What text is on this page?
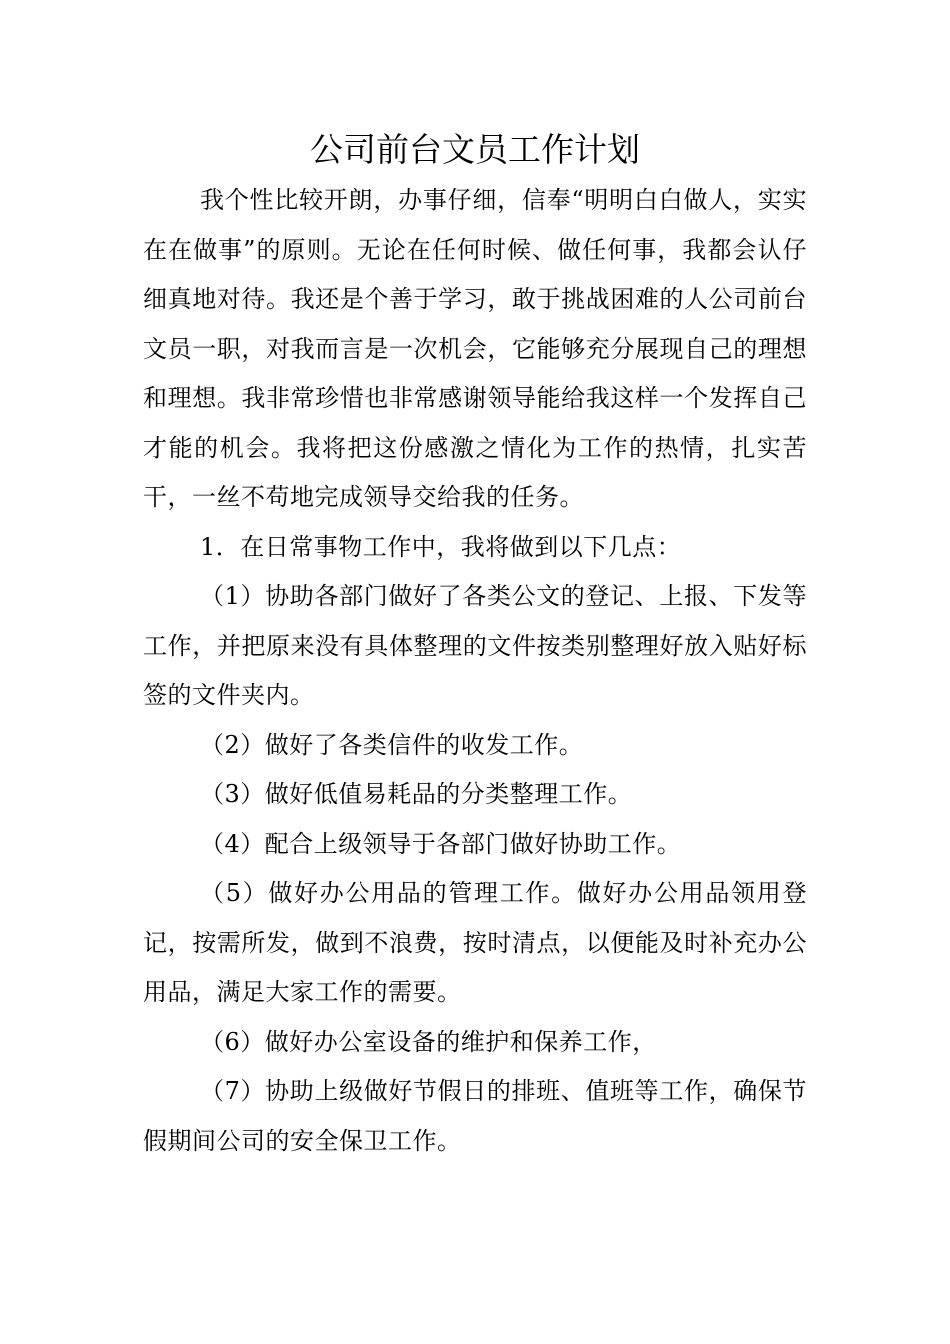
公司前台文员工作计划

我个性比较开朗，办事仔细，信奉“明明白白做人，实实在在做事”的原则。无论在任何时候、做任何事，我都会认仔细真地对待。我还是个善于学习，敢于挑战困难的人公司前台文员一职，对我而言是一次机会，它能够充分展现自己的理想和理想。我非常珍惜也非常感谢领导能给我这样一个发挥自己才能的机会。我将把这份感激之情化为工作的热情，扎实苦干，一丝不苟地完成领导交给我的任务。

1．在日常事物工作中，我将做到以下几点：

（1）协助各部门做好了各类公文的登记、上报、下发等工作，并把原来没有具体整理的文件按类别整理好放入贴好标签的文件夹内。

（2）做好了各类信件的收发工作。

（3）做好低值易耗品的分类整理工作。

（4）配合上级领导于各部门做好协助工作。

（5）做好办公用品的管理工作。做好办公用品领用登记，按需所发，做到不浪费，按时清点，以便能及时补充办公用品，满足大家工作的需要。

（6）做好办公室设备的维护和保养工作，

（7）协助上级做好节假日的排班、值班等工作，确保节假期间公司的安全保卫工作。
